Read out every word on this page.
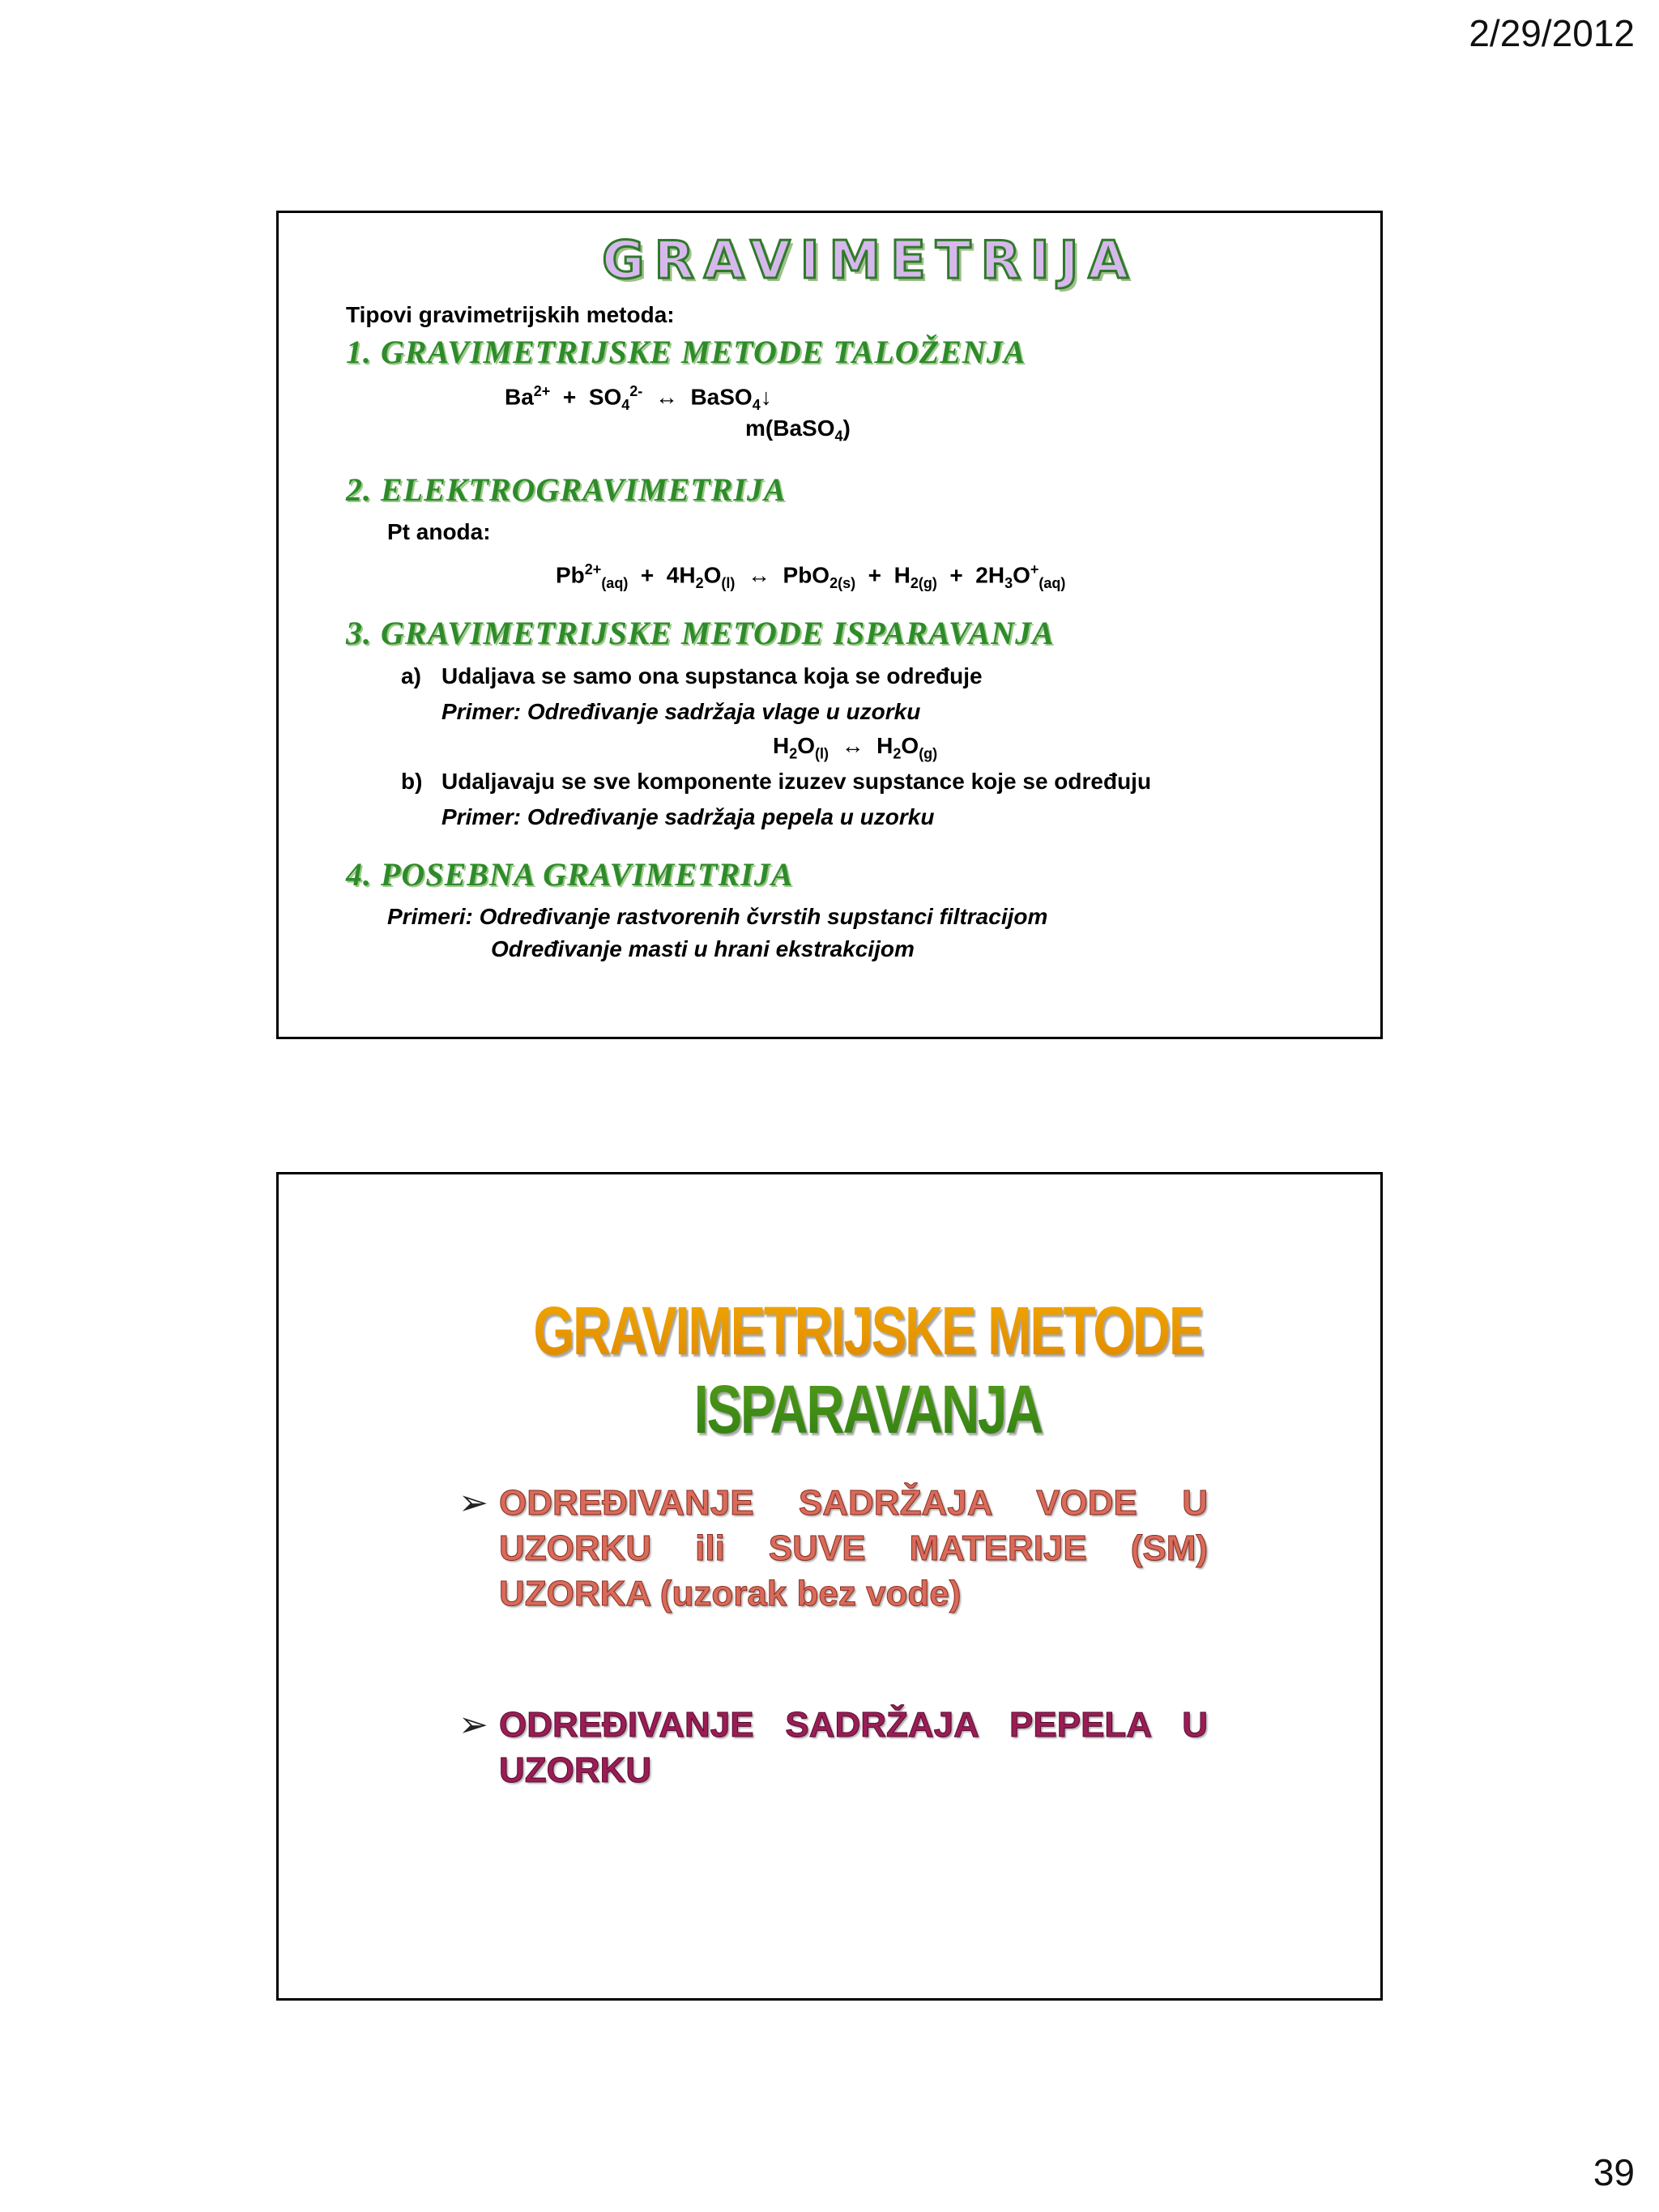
2/29/2012
GRAVIMETRIJA
Tipovi gravimetrijskih metoda:
1. GRAVIMETRIJSKE METODE TALOŽENJA
$Ba^{2+} + SO_4^{2-}$ ↔ BaSO$_4$↓
m(BaSO$_4$)
2. ELEKTROGRAVIMETRIJA
Pt anoda:
$Pb^{2+}_{(aq)} + 4H_2O_{(l)}$ ↔ $PbO_{2(s)} + H_{2(g)} + 2H_3O^+_{(aq)}$
3. GRAVIMETRIJSKE METODE ISPARAVANJA
a) Udaljava se samo ona supstanca koja se određuje
Primer: Određivanje sadržaja vlage u uzorku
$H_2O_{(l)}$ ↔ $H_2O_{(g)}$
b) Udaljavaju se sve komponente izuzev supstance koje se određuju
Primer: Određivanje sadržaja pepela u uzorku
4. POSEBNA GRAVIMETRIJA
Primeri: Određivanje rastvorenih čvrstih supstanci filtracijom
Određivanje masti u hrani ekstrakcijom
GRAVIMETRIJSKE METODE ISPARAVANJA
➢ ODREĐIVANJE SADRŽAJA VODE U UZORKU ili SUVE MATERIJE (SM) UZORKA (uzorak bez vode)
➢ ODREĐIVANJE SADRŽAJA PEPELA U UZORKU
39
